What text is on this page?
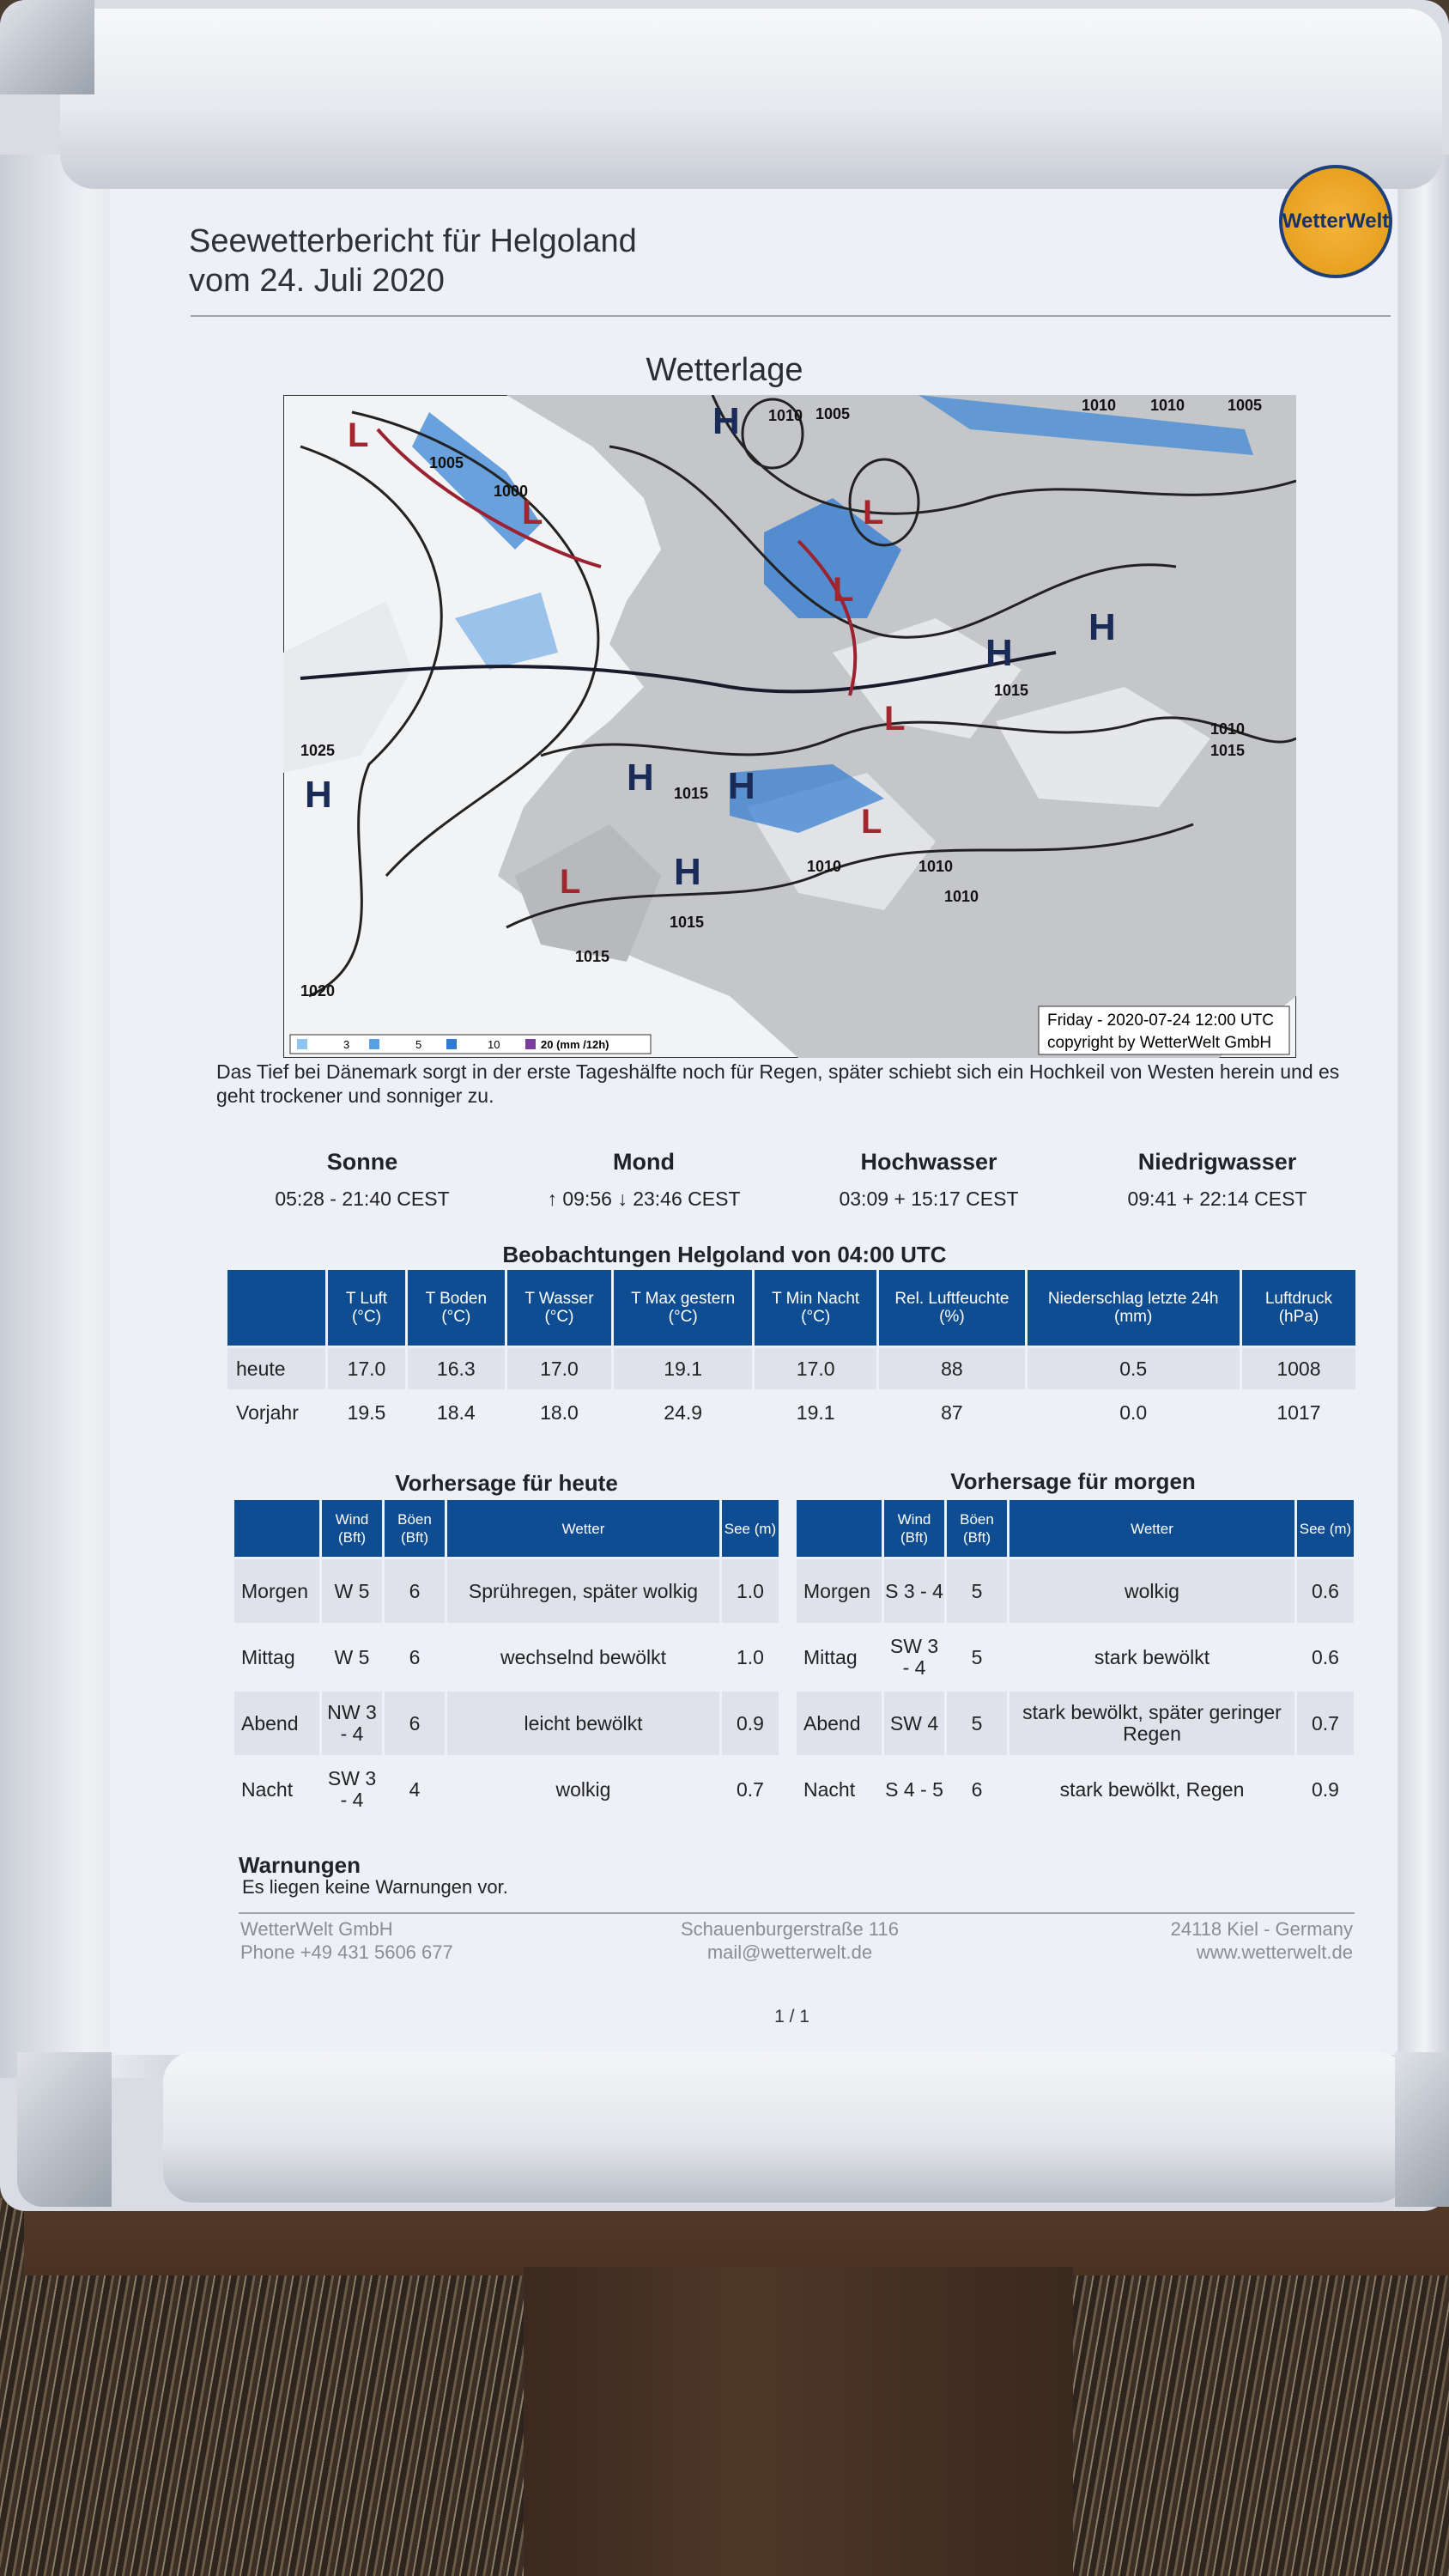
Seewetterbericht für Helgoland
vom 24. Juli 2020
WetterWelt
Wetterlage
H	H H
H
H
H
H
L
L
L
L
L
L
L
1005
1000
1010 1005	1010 1010	1005
1025
1020
1015
1015
1015
1015
1010
1015
1010	1010
1010
3	5	10	20 (mm /12h)
Friday - 2020-07-24 12:00 UTC
copyright by WetterWelt GmbH
Das Tief bei Dänemark sorgt in der erste Tageshälfte noch für Regen, später schiebt sich ein Hochkeil von Westen herein und es geht trockener und sonniger zu.
Sonne
05:28 - 21:40 CEST
Mond
↑ 09:56 ↓ 23:46 CEST
Hochwasser
03:09 + 15:17 CEST
Niedrigwasser
09:41 + 22:14 CEST
Beobachtungen Helgoland von 04:00 UTC
	T Luft (°C)	T Boden (°C)	T Wasser (°C)	T Max gestern (°C)	T Min Nacht (°C)	Rel. Luftfeuchte (%)	Niederschlag letzte 24h (mm)	Luftdruck (hPa)
heute	17.0	16.3	17.0	19.1	17.0	88	0.5	1008
Vorjahr	19.5	18.4	18.0	24.9	19.1	87	0.0	1017
Vorhersage für heute
	Wind (Bft)	Böen (Bft)	Wetter	See (m)
Morgen	W 5	6	Sprühregen, später wolkig	1.0
Mittag	W 5	6	wechselnd bewölkt	1.0
Abend	NW 3 - 4	6	leicht bewölkt	0.9
Nacht	SW 3 - 4	4	wolkig	0.7
Vorhersage für morgen
	Wind (Bft)	Böen (Bft)	Wetter	See (m)
Morgen	S 3 - 4	5	wolkig	0.6
Mittag	SW 3 - 4	5	stark bewölkt	0.6
Abend	SW 4	5	stark bewölkt, später geringer Regen	0.7
Nacht	S 4 - 5	6	stark bewölkt, Regen	0.9
Warnungen
Es liegen keine Warnungen vor.
WetterWelt GmbH
Phone +49 431 5606 677
Schauenburgerstraße 116
mail@wetterwelt.de
24118 Kiel - Germany
www.wetterwelt.de
1 / 1
